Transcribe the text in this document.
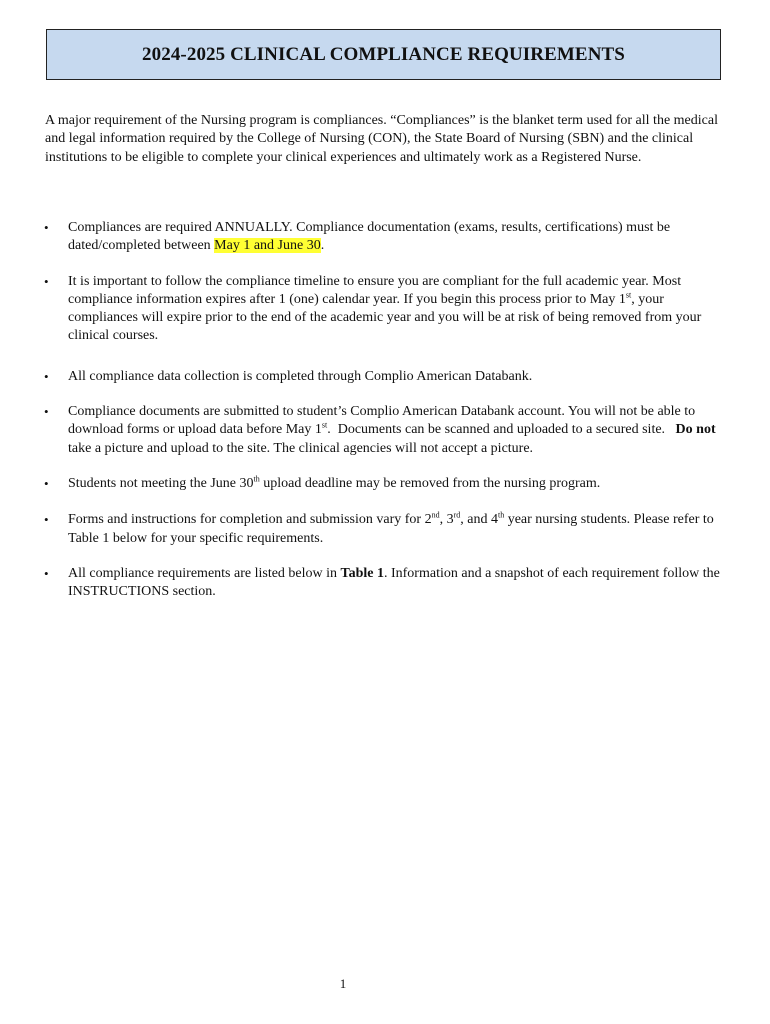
2024-2025 CLINICAL COMPLIANCE REQUIREMENTS

A major requirement of the Nursing program is compliances. “Compliances” is the blanket term used for all the medical and legal information required by the College of Nursing (CON), the State Board of Nursing (SBN) and the clinical institutions to be eligible to complete your clinical experiences and ultimately work as a Registered Nurse.

• Compliances are required ANNUALLY. Compliance documentation (exams, results, certifications) must be dated/completed between May 1 and June 30.
• It is important to follow the compliance timeline to ensure you are compliant for the full academic year. Most compliance information expires after 1 (one) calendar year. If you begin this process prior to May 1st, your compliances will expire prior to the end of the academic year and you will be at risk of being removed from your clinical courses.
• All compliance data collection is completed through Complio American Databank.
• Compliance documents are submitted to student’s Complio American Databank account. You will not be able to download forms or upload data before May 1st.  Documents can be scanned and uploaded to a secured site.   Do not take a picture and upload to the site. The clinical agencies will not accept a picture.
• Students not meeting the June 30th upload deadline may be removed from the nursing program.
• Forms and instructions for completion and submission vary for 2nd, 3rd, and 4th year nursing students. Please refer to Table 1 below for your specific requirements.
• All compliance requirements are listed below in Table 1. Information and a snapshot of each requirement follow the INSTRUCTIONS section.
1
